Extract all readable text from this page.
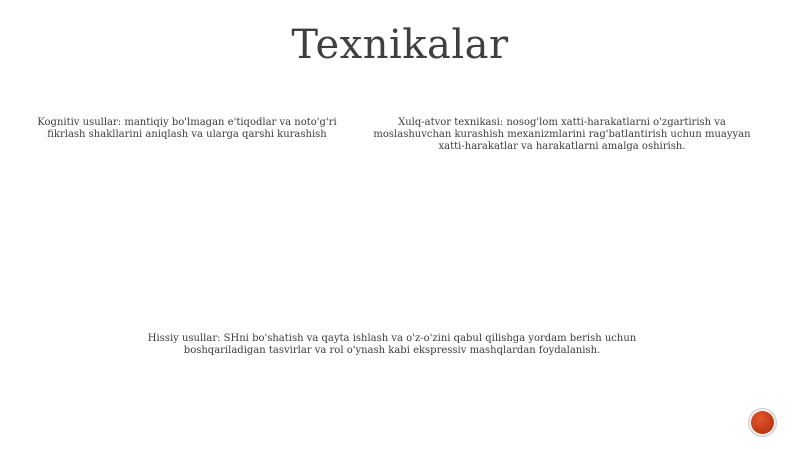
Texnikalar
Kognitiv usullar: mantiqiy bo'lmagan e'tiqodlar va noto'g'ri fikrlash shakllarini aniqlash va ularga qarshi kurashish
Xulq-atvor texnikasi: nosog'lom xatti-harakatlarni o'zgartirish va moslashuvchan kurashish mexanizmlarini rag'batlantirish uchun muayyan xatti-harakatlar va harakatlarni amalga oshirish.
Hissiy usullar: SHni bo'shatish va qayta ishlash va o'z-o'zini qabul qilishga yordam berish uchun boshqariladigan tasvirlar va rol o'ynash kabi ekspressiv mashqlardan foydalanish.
